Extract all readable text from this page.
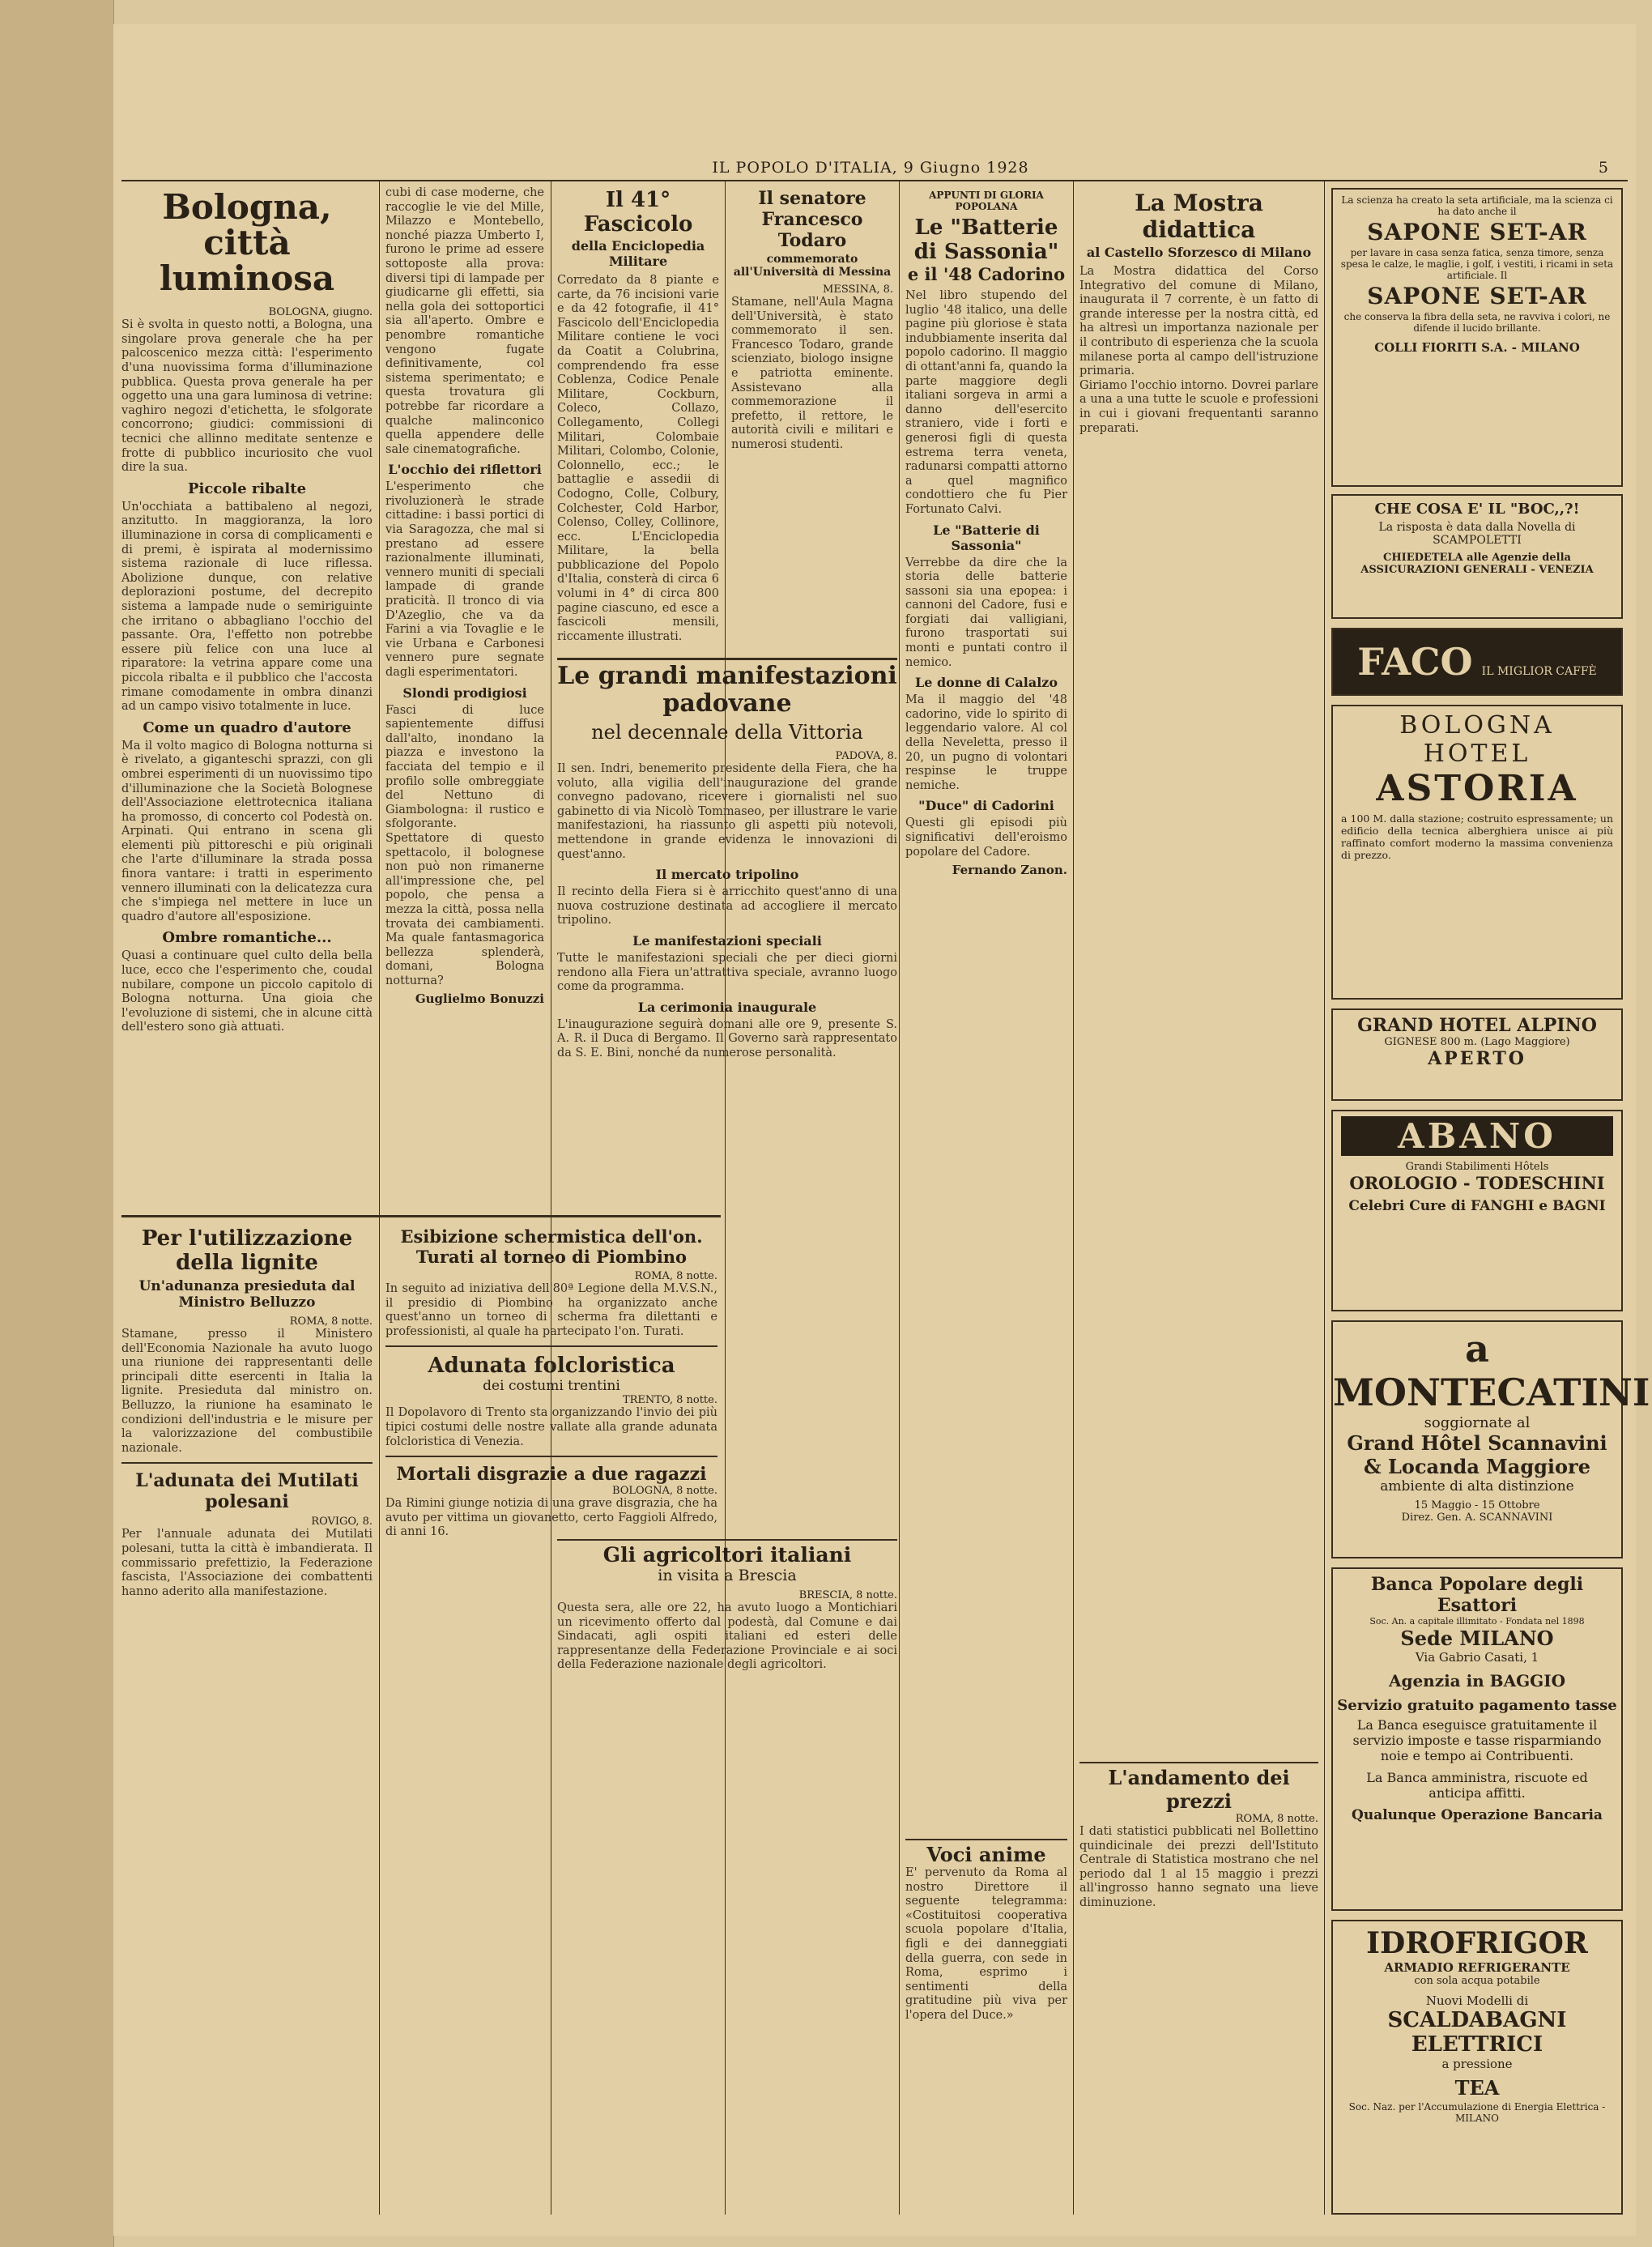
IL POPOLO D'ITALIA, 9 Giugno 1928	5
Bologna, città luminosa

BOLOGNA, giugno.

Si è svolta in questo notti, a Bologna, una singolare prova generale che ha per palcoscenico mezza città: l'esperimento d'una nuovissima forma d'illuminazione pubblica. Questa prova generale ha per oggetto una una gara luminosa di vetrine: vaghiro negozi d'etichetta, le sfolgorate concorrono; giudici: commissioni di tecnici che allinno meditate sentenze e frotte di pubblico incuriosito che vuol dire la sua.

Piccole ribalte

Un'occhiata a battibaleno al negozi, anzitutto. In maggioranza, la loro illuminazione in corsa di complicamenti e di premi, è ispirata al modernissimo sistema razionale di luce riflessa. Abolizione dunque, con relative deplorazioni postume, del decrepito sistema a lampade nude o semiriguinte che irritano o abbagliano l'occhio del passante. Ora, l'effetto non potrebbe essere più felice con una luce al riparatore: la vetrina appare come una piccola ribalta e il pubblico che l'accosta rimane comodamente in ombra dinanzi ad un campo visivo totalmente in luce.

Come un quadro d'autore

Ma il volto magico di Bologna notturna si è rivelato, a giganteschi sprazzi, con gli ombrei esperimenti di un nuovissimo tipo d'illuminazione che la Società Bolognese dell'Associazione elettrotecnica italiana ha promosso, di concerto col Podestà on. Arpinati. Qui entrano in scena gli elementi più pittoreschi e più originali che l'arte d'illuminare la strada possa finora vantare: i tratti in esperimento vennero illuminati con la delicatezza cura che s'impiega nel mettere in luce un quadro d'autore all'esposizione.

Ombre romantiche...

Quasi a continuare quel culto della bella luce, ecco che l'esperimento che, coudal nubilare, compone un piccolo capitolo di Bologna notturna. Una gioia che l'evoluzione di sistemi, che in alcune città dell'estero sono già attuati.

Per l'utilizzazione della lignite
Un'adunanza presieduta dal Ministro Belluzzo

ROMA, 8 notte.

Stamane, presso il Ministero dell'Economia Nazionale ha avuto luogo una riunione dei rappresentanti delle principali ditte esercenti in Italia la lignite. Presieduta dal ministro on. Belluzzo, la riunione ha esaminato le condizioni dell'industria e le misure per la valorizzazione del combustibile nazionale.

L'adunata dei Mutilati polesani

ROVIGO, 8.

Per l'annuale adunata dei Mutilati polesani, tutta la città è imbandierata. Il commissario prefettizio, la Federazione fascista, l'Associazione dei combattenti hanno aderito alla manifestazione.

cubi di case moderne, che raccoglie le vie del Mille, Milazzo e Montebello, nonché piazza Umberto I, furono le prime ad essere sottoposte alla prova: diversi tipi di lampade per giudicarne gli effetti, sia nella gola dei sottoportici sia all'aperto. Ombre e penombre romantiche vengono fugate definitivamente, col sistema sperimentato; e questa trovatura gli potrebbe far ricordare a qualche malinconico quella appendere delle sale cinematografiche.

L'occhio dei riflettori

L'esperimento che rivoluzionerà le strade cittadine: i bassi portici di via Saragozza, che mal si prestano ad essere razionalmente illuminati, vennero muniti di speciali lampade di grande praticità. Il tronco di via D'Azeglio, che va da Farini a via Tovaglie e le vie Urbana e Carbonesi vennero pure segnate dagli esperimentatori.

Slondi prodigiosi

Fasci di luce sapientemente diffusi dall'alto, inondano la piazza e investono la facciata del tempio e il profilo solle ombreggiate del Nettuno di Giambologna: il rustico e sfolgorante.

Spettatore di questo spettacolo, il bolognese non può non rimanerne all'impressione che, pel popolo, che pensa a mezza la città, possa nella trovata dei cambiamenti. Ma quale fantasmagorica bellezza splenderà, domani, Bologna notturna?

Guglielmo Bonuzzi
Esibizione schermistica dell'on. Turati al torneo di Piombino

ROMA, 8 notte.

In seguito ad iniziativa dell'80ª Legione della M.V.S.N., il presidio di Piombino ha organizzato anche quest'anno un torneo di scherma fra dilettanti e professionisti, al quale ha partecipato l'on. Turati.

Adunata folcloristica
dei costumi trentini

TRENTO, 8 notte.

Il Dopolavoro di Trento sta organizzando l'invio dei più tipici costumi delle nostre vallate alla grande adunata folcloristica di Venezia.

Mortali disgrazie a due ragazzi

BOLOGNA, 8 notte.

Da Rimini giunge notizia di una grave disgrazia, che ha avuto per vittima un giovanetto, certo Faggioli Alfredo, di anni 16.

Il 41° Fascicolo
della Enciclopedia Militare

Corredato da 8 piante e carte, da 76 incisioni varie e da 42 fotografie, il 41° Fascicolo dell'Enciclopedia Militare contiene le voci da Coatit a Colubrina, comprendendo fra esse Coblenza, Codice Penale Militare, Cockburn, Coleco, Collazo, Collegamento, Collegi Militari, Colombaie Militari, Colombo, Colonie, Colonnello, ecc.; le battaglie e assedii di Codogno, Colle, Colbury, Colchester, Cold Harbor, Colenso, Colley, Collinore, ecc. L'Enciclopedia Militare, la bella pubblicazione del Popolo d'Italia, consterà di circa 6 volumi in 4° di circa 800 pagine ciascuno, ed esce a fascicoli mensili, riccamente illustrati.

Il senatore Francesco Todaro
commemorato all'Università di Messina

MESSINA, 8.

Stamane, nell'Aula Magna dell'Università, è stato commemorato il sen. Francesco Todaro, grande scienziato, biologo insigne e patriotta eminente. Assistevano alla commemorazione il prefetto, il rettore, le autorità civili e militari e numerosi studenti.

Le grandi manifestazioni padovane
nel decennale della Vittoria

PADOVA, 8.

Il sen. Indri, benemerito presidente della Fiera, che ha voluto, alla vigilia dell'inaugurazione del grande convegno padovano, ricevere i giornalisti nel suo gabinetto di via Nicolò Tommaseo, per illustrare le varie manifestazioni, ha riassunto gli aspetti più notevoli, mettendone in grande evidenza le innovazioni di quest'anno.

Il mercato tripolino

Il recinto della Fiera si è arricchito quest'anno di una nuova costruzione destinata ad accogliere il mercato tripolino.

Le manifestazioni speciali

Tutte le manifestazioni speciali che per dieci giorni rendono alla Fiera un'attrattiva speciale, avranno luogo come da programma.

La cerimonia inaugurale

L'inaugurazione seguirà domani alle ore 9, presente S. A. R. il Duca di Bergamo. Il Governo sarà rappresentato da S. E. Bini, nonché da numerose personalità.

Gli agricoltori italiani
in visita a Brescia

BRESCIA, 8 notte.

Questa sera, alle ore 22, ha avuto luogo a Montichiari un ricevimento offerto dal podestà, dal Comune e dai Sindacati, agli ospiti italiani ed esteri delle rappresentanze della Federazione Provinciale e ai soci della Federazione nazionale degli agricoltori.

APPUNTI DI GLORIA POPOLANA
Le "Batterie di Sassonia"
e il '48 Cadorino

Nel libro stupendo del luglio '48 italico, una delle pagine più gloriose è stata indubbiamente inserita dal popolo cadorino. Il maggio di ottant'anni fa, quando la parte maggiore degli italiani sorgeva in armi a danno dell'esercito straniero, vide i forti e generosi figli di questa estrema terra veneta, radunarsi compatti attorno a quel magnifico condottiero che fu Pier Fortunato Calvi.

Le "Batterie di Sassonia"

Verrebbe da dire che la storia delle batterie sassoni sia una epopea: i cannoni del Cadore, fusi e forgiati dai valligiani, furono trasportati sui monti e puntati contro il nemico.

Le donne di Calalzo

Ma il maggio del '48 cadorino, vide lo spirito di leggendario valore. Al col della Neveletta, presso il 20, un pugno di volontari respinse le truppe nemiche.

"Duce" di Cadorini

Questi gli episodi più significativi dell'eroismo popolare del Cadore.

Fernando Zanon.
Voci anime

E' pervenuto da Roma al nostro Direttore il seguente telegramma: «Costituitosi cooperativa scuola popolare d'Italia, figli e dei danneggiati della guerra, con sede in Roma, esprimo i sentimenti della gratitudine più viva per l'opera del Duce.»

La Mostra didattica
al Castello Sforzesco di Milano

La Mostra didattica del Corso Integrativo del comune di Milano, inaugurata il 7 corrente, è un fatto di grande interesse per la nostra città, ed ha altresì un importanza nazionale per il contributo di esperienza che la scuola milanese porta al campo dell'istruzione primaria.

Giriamo l'occhio intorno. Dovrei parlare a una a una tutte le scuole e professioni in cui i giovani frequentanti saranno preparati.

L'andamento dei prezzi

ROMA, 8 notte.

I dati statistici pubblicati nel Bollettino quindicinale dei prezzi dell'Istituto Centrale di Statistica mostrano che nel periodo dal 1 al 15 maggio i prezzi all'ingrosso hanno segnato una lieve diminuzione.

La scienza ha creato la seta artificiale, ma la scienza ci ha dato anche il
SAPONE SET-AR
per lavare in casa senza fatica, senza timore, senza spesa le calze, le maglie, i golf, i vestiti, i ricami in seta artificiale. Il
SAPONE SET-AR
che conserva la fibra della seta, ne ravviva i colori, ne difende il lucido brillante.
COLLI FIORITI S.A. - MILANO
CHE COSA E' IL "BOC,,?!
La risposta è data dalla Novella di SCAMPOLETTI
CHIEDETELA alle Agenzie della ASSICURAZIONI GENERALI - VENEZIA
FACO IL MIGLIOR CAFFÈ ALL'ANICE
BOLOGNA
HOTEL
ASTORIA
a 100 M. dalla stazione; costruito espressamente; un edificio della tecnica alberghiera unisce ai più raffinato comfort moderno la massima convenienza di prezzo.
GRAND HOTEL ALPINO
GIGNESE 800 m. (Lago Maggiore)
APERTO
ABANO
Grandi Stabilimenti Hôtels
OROLOGIO - TODESCHINI
Celebri Cure di FANGHI e BAGNI
a MONTECATINI
soggiornate al
Grand Hôtel Scannavini
& Locanda Maggiore
ambiente di alta distinzione
15 Maggio - 15 Ottobre
Direz. Gen. A. SCANNAVINI
Banca Popolare degli Esattori
Soc. An. a capitale illimitato - Fondata nel 1898
Sede MILANO
Via Gabrio Casati, 1
Agenzia in BAGGIO
Servizio gratuito pagamento tasse
La Banca eseguisce gratuitamente il servizio imposte e tasse risparmiando noie e tempo ai Contribuenti.
La Banca amministra, riscuote ed anticipa affitti.
Qualunque Operazione Bancaria
IDROFRIGOR
ARMADIO REFRIGERANTE
con sola acqua potabile
Nuovi Modelli di
SCALDABAGNI ELETTRICI
a pressione
TEA
Soc. Naz. per l'Accumulazione di Energia Elettrica - MILANO
